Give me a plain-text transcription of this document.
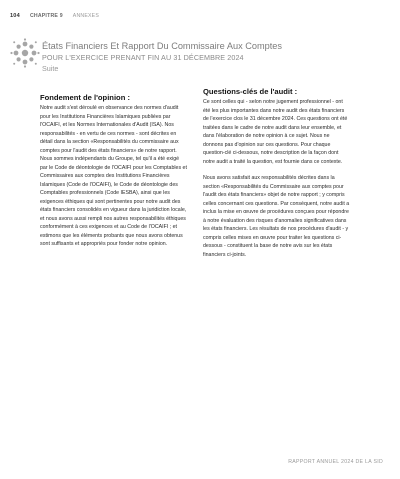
104 CHAPITRE 9 ANNEXES
États Financiers Et Rapport Du Commissaire Aux Comptes
POUR L'EXERCICE PRENANT FIN AU 31 DÉCEMBRE 2024
Suite
Fondement de l'opinion :

Notre audit s'est déroulé en observance des normes d'audit pour les Institutions Financières Islamiques publiées par l'OCAIFI, et les Normes Internationales d'Audit (ISA). Nos responsabilités - en vertu de ces normes - sont décrites en détail dans la section «Responsabilités du commissaire aux comptes pour l'audit des états financiers» de notre rapport. Nous sommes indépendants du Groupe, tel qu'il a été exigé par le Code de déontologie de l'OCAIFI pour les Comptables et Commissaires aux comptes des Institutions Financières Islamiques (Code de l'OCAIFI), le Code de déontologie des Comptables professionnels (Code IESBA), ainsi que les exigences éthiques qui sont pertinentes pour notre audit des états financiers consolidés en vigueur dans la juridiction locale, et nous avons aussi rempli nos autres responsabilités éthiques conformément à ces exigences et au Code de l'OCAIFI ; et estimons que les éléments probants que nous avons obtenus sont suffisants et appropriés pour fonder notre opinion.

Questions-clés de l'audit :

Ce sont celles qui - selon notre jugement professionnel - ont été les plus importantes dans notre audit des états financiers de l'exercice clos le 31 décembre 2024. Ces questions ont été traitées dans le cadre de notre audit dans leur ensemble, et dans l'élaboration de notre opinion à ce sujet. Nous ne donnons pas d'opinion sur ces questions. Pour chaque question-clé ci-dessous, notre description de la façon dont notre audit a traité la question, est fournie dans ce contexte.

Nous avons satisfait aux responsabilités décrites dans la section «Responsabilités du Commissaire aux comptes pour l'audit des états financiers» objet de notre rapport ; y compris celles concernant ces questions. Par conséquent, notre audit a inclus la mise en œuvre de procédures conçues pour répondre à notre évaluation des risques d'anomalies significatives dans les états financiers. Les résultats de nos procédures d'audit - y compris celles mises en œuvre pour traiter les questions ci-dessous - constituent la base de notre avis sur les états financiers ci-joints.

RAPPORT ANNUEL 2024 DE LA SID
